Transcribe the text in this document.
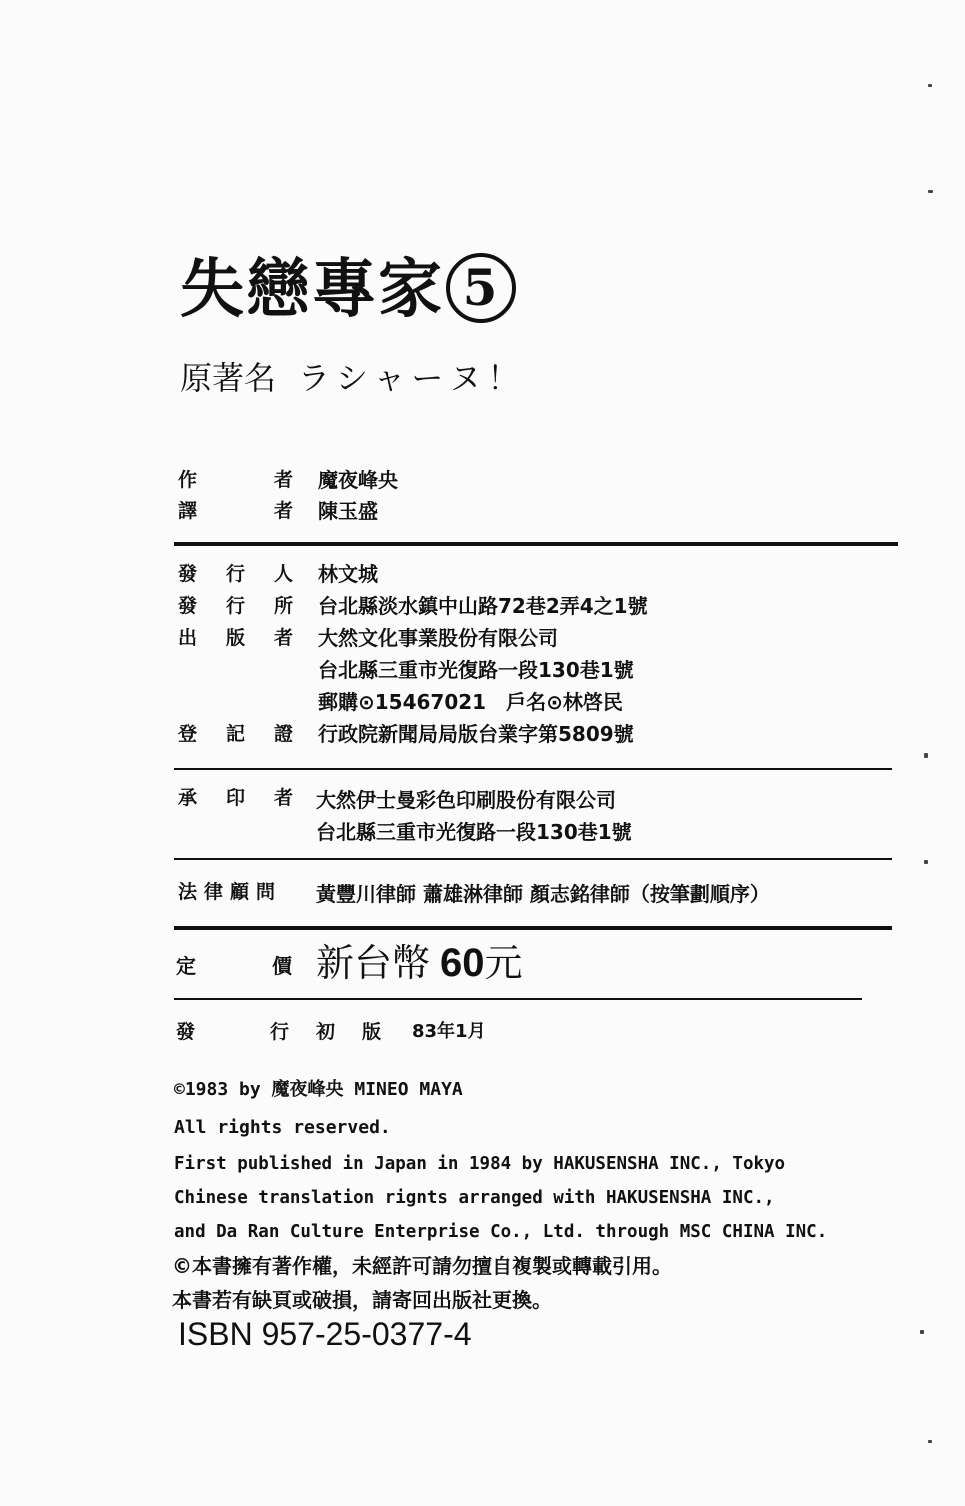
失戀專家 5
原著名 ラシャーヌ！
作	者 魔夜峰央
譯	者 陳玉盛
發 行 人 林文城
發 行 所 台北縣淡水鎮中山路72巷2弄4之1號
出 版 者 大然文化事業股份有限公司
台北縣三重市光復路一段130巷1號
郵購⊙15467021　戶名⊙林啓民
登 記 證 行政院新聞局局版台業字第5809號
承 印 者 大然伊士曼彩色印刷股份有限公司
台北縣三重市光復路一段130巷1號
法 律 顧 問 黃豐川律師 蕭雄淋律師 顏志銘律師（按筆劃順序）
定	價 新台幣 60元
發	行 初 版 83年1月
©1983 by 魔夜峰央 MINEO MAYA
All rights reserved.
First published in Japan in 1984 by HAKUSENSHA INC., Tokyo
Chinese translation rignts arranged with HAKUSENSHA INC.,
and Da Ran Culture Enterprise Co., Ltd. through MSC CHINA INC.
©本書擁有著作權，未經許可請勿擅自複製或轉載引用。
本書若有缺頁或破損，請寄回出版社更換。
ISBN 957-25-0377-4
